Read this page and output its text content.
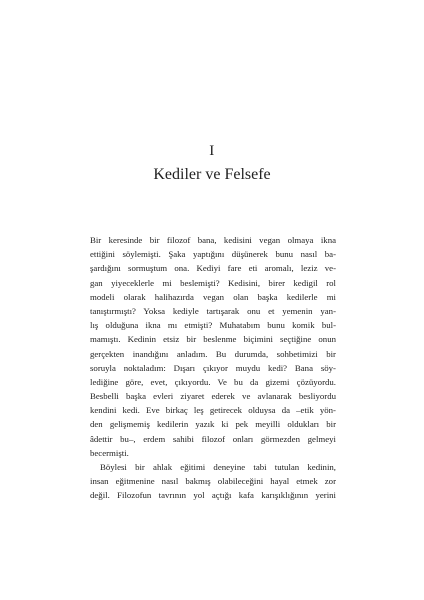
I
Kediler ve Felsefe

Bir keresinde bir filozof bana, kedisini vegan olmaya ikna
ettiğini söylemişti. Şaka yaptığını düşünerek bunu nasıl ba-
şardığını sormuştum ona. Kediyi fare eti aromalı, leziz ve-
gan yiyeceklerle mi beslemişti? Kedisini, birer kedigil rol
modeli olarak halihazırda vegan olan başka kedilerle mi
tanıştırmıştı? Yoksa kediyle tartışarak onu et yemenin yan-
lış olduğuna ikna mı etmişti? Muhatabım bunu komik bul-
mamıştı. Kedinin etsiz bir beslenme biçimini seçtiğine onun
gerçekten inandığını anladım. Bu durumda, sohbetimizi bir
soruyla noktaladım: Dışarı çıkıyor muydu kedi? Bana söy-
lediğine göre, evet, çıkıyordu. Ve bu da gizemi çözüyordu.
Besbelli başka evleri ziyaret ederek ve avlanarak besliyordu
kendini kedi. Eve birkaç leş getirecek olduysa da –etik yön-
den gelişmemiş kedilerin yazık ki pek meyilli oldukları bir
âdettir bu–, erdem sahibi filozof onları görmezden gelmeyi
becermişti.

Böylesi bir ahlak eğitimi deneyine tabi tutulan kedinin,
insan eğitmenine nasıl bakmış olabileceğini hayal etmek zor
değil. Filozofun tavrının yol açtığı kafa karışıklığının yerini
